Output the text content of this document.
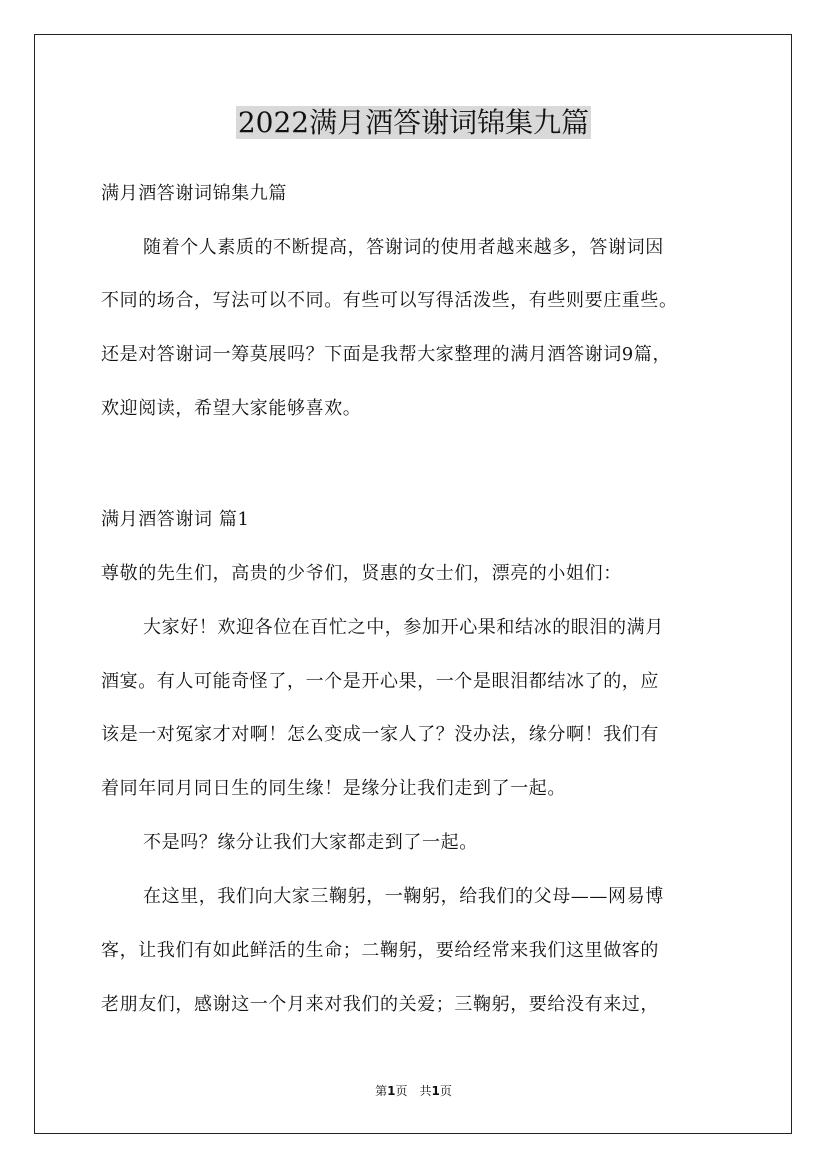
2022满月酒答谢词锦集九篇
满月酒答谢词锦集九篇
随着个人素质的不断提高，答谢词的使用者越来越多，答谢词因
不同的场合，写法可以不同。有些可以写得活泼些，有些则要庄重些。
还是对答谢词一筹莫展吗？下面是我帮大家整理的满月酒答谢词9篇，
欢迎阅读，希望大家能够喜欢。
满月酒答谢词 篇1
尊敬的先生们，高贵的少爷们，贤惠的女士们，漂亮的小姐们：
大家好！欢迎各位在百忙之中，参加开心果和结冰的眼泪的满月
酒宴。有人可能奇怪了，一个是开心果，一个是眼泪都结冰了的，应
该是一对冤家才对啊！怎么变成一家人了？没办法，缘分啊！我们有
着同年同月同日生的同生缘！是缘分让我们走到了一起。
不是吗？缘分让我们大家都走到了一起。
在这里，我们向大家三鞠躬，一鞠躬，给我们的父母——网易博
客，让我们有如此鲜活的生命；二鞠躬，要给经常来我们这里做客的
老朋友们，感谢这一个月来对我们的关爱；三鞠躬，要给没有来过，
第1页 共1页
